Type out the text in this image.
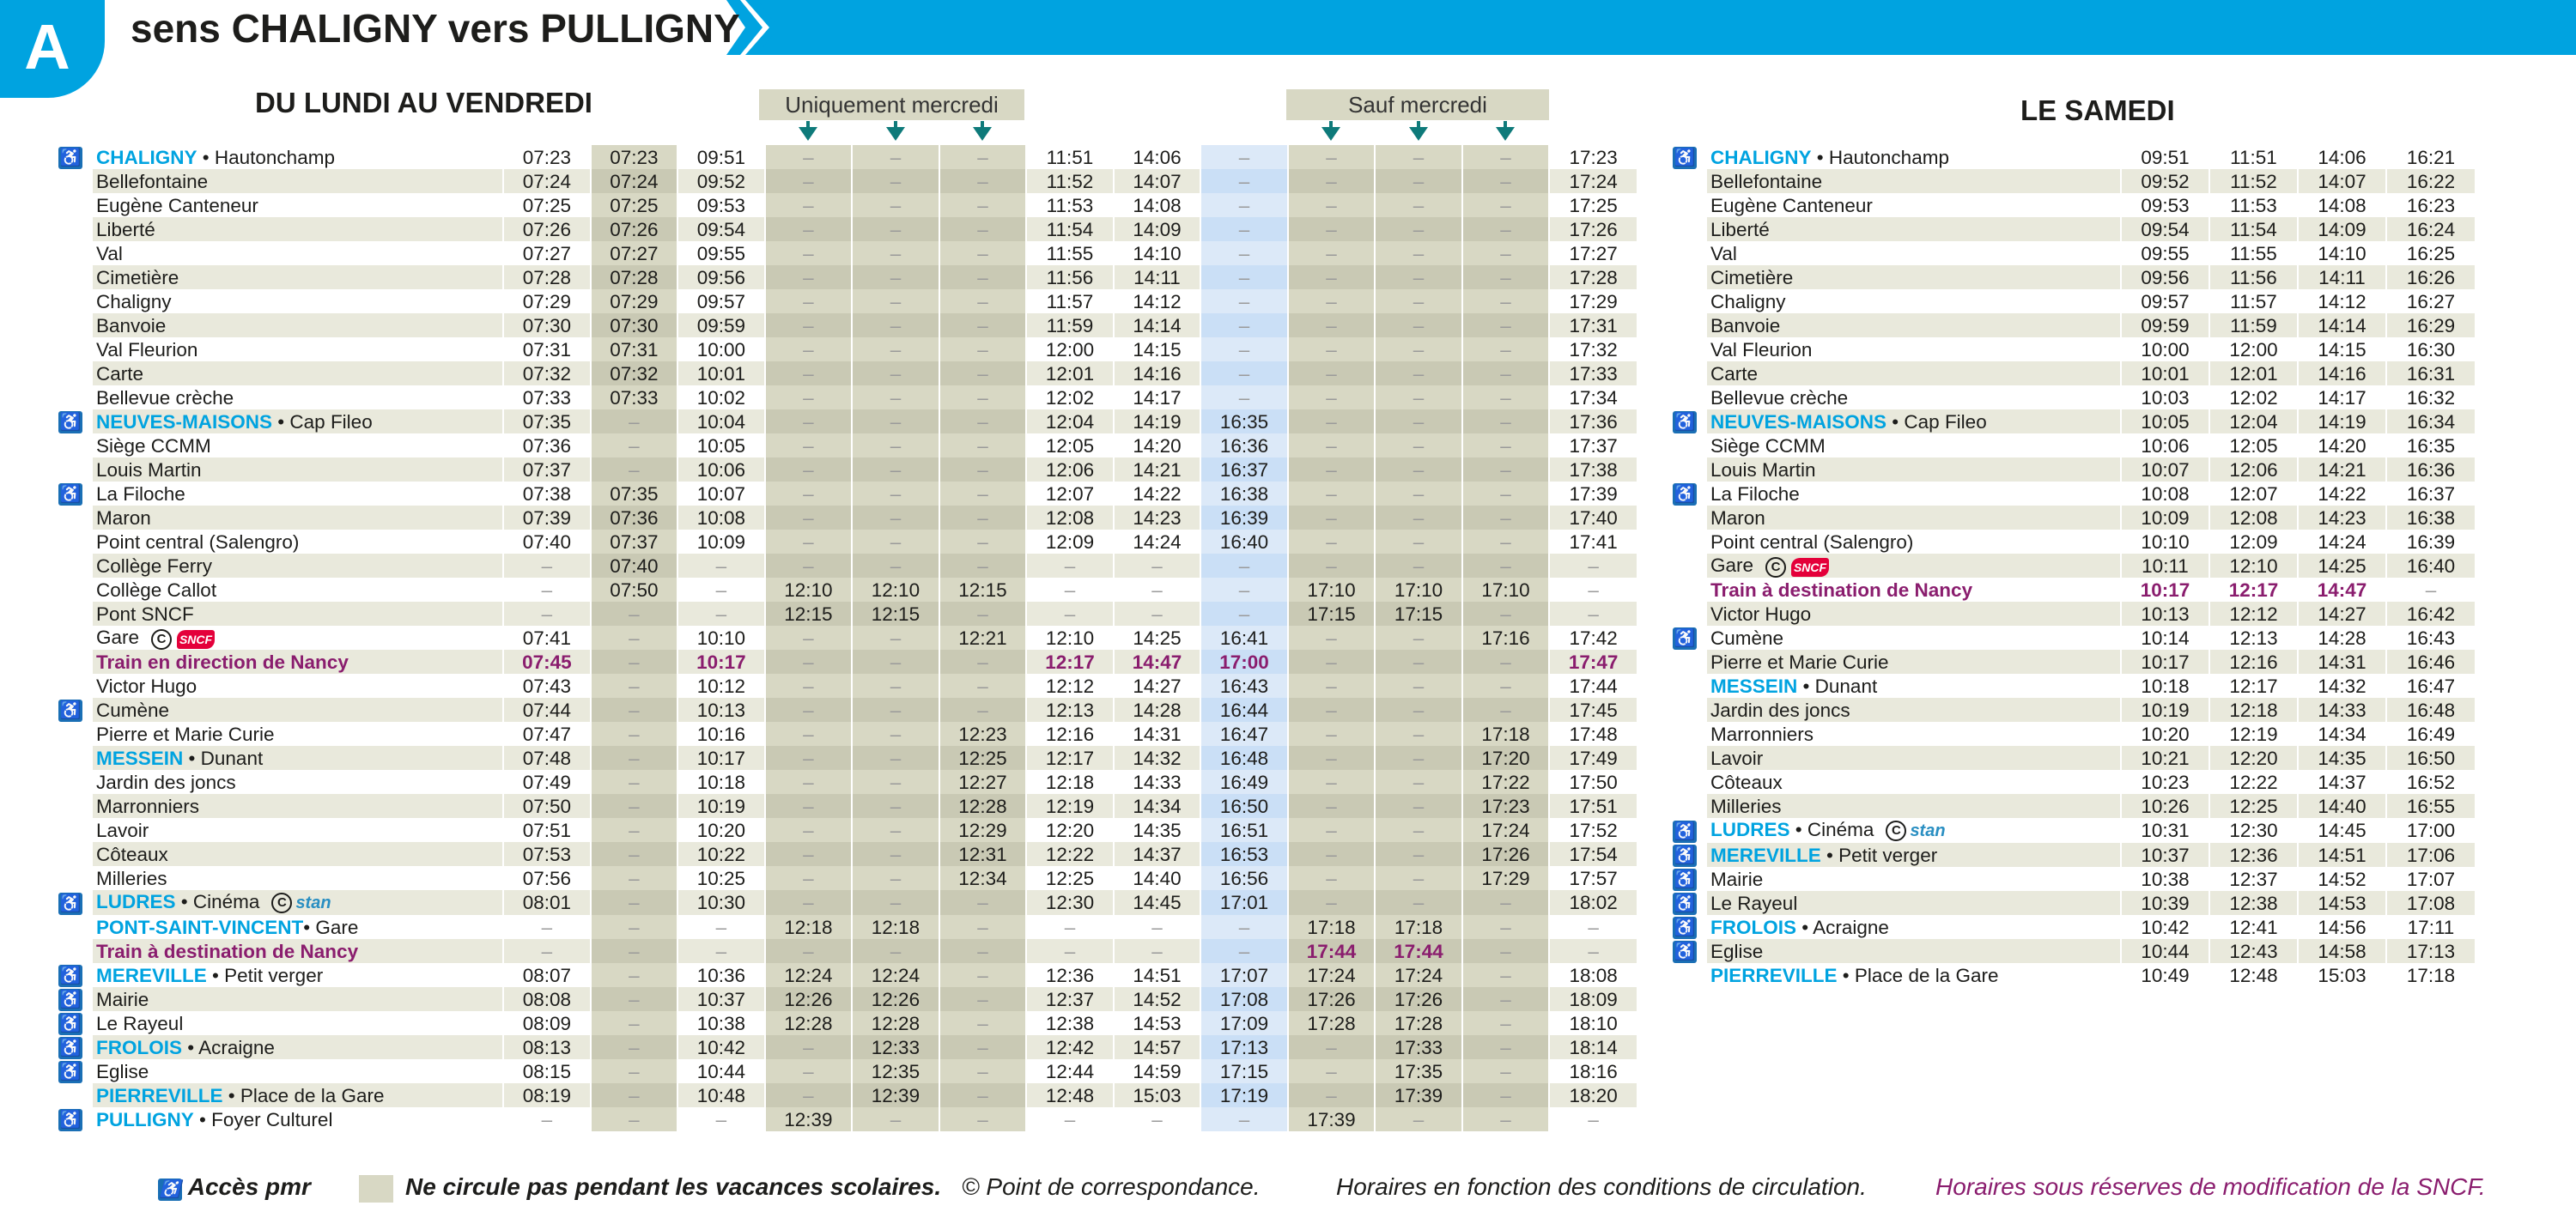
A	sens CHALIGNY vers PULLIGNY
DU LUNDI AU VENDREDI	LE SAMEDI
Uniquement mercredi	Sauf mercredi
♿	CHALIGNY • Hautonchamp	07:23	07:23	09:51	–	–	–	11:51	14:06	–	–	–	–	17:23
	Bellefontaine	07:24	07:24	09:52	–	–	–	11:52	14:07	–	–	–	–	17:24
	Eugène Canteneur	07:25	07:25	09:53	–	–	–	11:53	14:08	–	–	–	–	17:25
	Liberté	07:26	07:26	09:54	–	–	–	11:54	14:09	–	–	–	–	17:26
	Val	07:27	07:27	09:55	–	–	–	11:55	14:10	–	–	–	–	17:27
	Cimetière	07:28	07:28	09:56	–	–	–	11:56	14:11	–	–	–	–	17:28
	Chaligny	07:29	07:29	09:57	–	–	–	11:57	14:12	–	–	–	–	17:29
	Banvoie	07:30	07:30	09:59	–	–	–	11:59	14:14	–	–	–	–	17:31
	Val Fleurion	07:31	07:31	10:00	–	–	–	12:00	14:15	–	–	–	–	17:32
	Carte	07:32	07:32	10:01	–	–	–	12:01	14:16	–	–	–	–	17:33
	Bellevue crèche	07:33	07:33	10:02	–	–	–	12:02	14:17	–	–	–	–	17:34
♿	NEUVES-MAISONS • Cap Fileo	07:35	–	10:04	–	–	–	12:04	14:19	16:35	–	–	–	17:36
	Siège CCMM	07:36	–	10:05	–	–	–	12:05	14:20	16:36	–	–	–	17:37
	Louis Martin	07:37	–	10:06	–	–	–	12:06	14:21	16:37	–	–	–	17:38
♿	La Filoche	07:38	07:35	10:07	–	–	–	12:07	14:22	16:38	–	–	–	17:39
	Maron	07:39	07:36	10:08	–	–	–	12:08	14:23	16:39	–	–	–	17:40
	Point central (Salengro)	07:40	07:37	10:09	–	–	–	12:09	14:24	16:40	–	–	–	17:41
	Collège Ferry	–	07:40	–	–	–	–	–	–	–	–	–	–	–
	Collège Callot	–	07:50	–	12:10	12:10	12:15	–	–	–	17:10	17:10	17:10	–
	Pont SNCF	–	–	–	12:15	12:15	–	–	–	–	17:15	17:15	–	–
	Gare C SNCF	07:41	–	10:10	–	–	12:21	12:10	14:25	16:41	–	–	17:16	17:42
	Train en direction de Nancy	07:45	–	10:17	–	–	–	12:17	14:47	17:00	–	–	–	17:47
	Victor Hugo	07:43	–	10:12	–	–	–	12:12	14:27	16:43	–	–	–	17:44
♿	Cumène	07:44	–	10:13	–	–	–	12:13	14:28	16:44	–	–	–	17:45
	Pierre et Marie Curie	07:47	–	10:16	–	–	12:23	12:16	14:31	16:47	–	–	17:18	17:48
	MESSEIN • Dunant	07:48	–	10:17	–	–	12:25	12:17	14:32	16:48	–	–	17:20	17:49
	Jardin des joncs	07:49	–	10:18	–	–	12:27	12:18	14:33	16:49	–	–	17:22	17:50
	Marronniers	07:50	–	10:19	–	–	12:28	12:19	14:34	16:50	–	–	17:23	17:51
	Lavoir	07:51	–	10:20	–	–	12:29	12:20	14:35	16:51	–	–	17:24	17:52
	Côteaux	07:53	–	10:22	–	–	12:31	12:22	14:37	16:53	–	–	17:26	17:54
	Milleries	07:56	–	10:25	–	–	12:34	12:25	14:40	16:56	–	–	17:29	17:57
♿	LUDRES • Cinéma C stan	08:01	–	10:30	–	–	–	12:30	14:45	17:01	–	–	–	18:02
	PONT-SAINT-VINCENT• Gare	–	–	–	12:18	12:18	–	–	–	–	17:18	17:18	–	–
	Train à destination de Nancy	–	–	–	–	–	–	–	–	–	17:44	17:44	–	–
♿	MEREVILLE • Petit verger	08:07	–	10:36	12:24	12:24	–	12:36	14:51	17:07	17:24	17:24	–	18:08
♿	Mairie	08:08	–	10:37	12:26	12:26	–	12:37	14:52	17:08	17:26	17:26	–	18:09
♿	Le Rayeul	08:09	–	10:38	12:28	12:28	–	12:38	14:53	17:09	17:28	17:28	–	18:10
♿	FROLOIS • Acraigne	08:13	–	10:42	–	12:33	–	12:42	14:57	17:13	–	17:33	–	18:14
♿	Eglise	08:15	–	10:44	–	12:35	–	12:44	14:59	17:15	–	17:35	–	18:16
	PIERREVILLE • Place de la Gare	08:19	–	10:48	–	12:39	–	12:48	15:03	17:19	–	17:39	–	18:20
♿	PULLIGNY • Foyer Culturel	–	–	–	12:39	–	–	–	–	–	17:39	–	–	–
♿	CHALIGNY • Hautonchamp	09:51	11:51	14:06	16:21
	Bellefontaine	09:52	11:52	14:07	16:22
	Eugène Canteneur	09:53	11:53	14:08	16:23
	Liberté	09:54	11:54	14:09	16:24
	Val	09:55	11:55	14:10	16:25
	Cimetière	09:56	11:56	14:11	16:26
	Chaligny	09:57	11:57	14:12	16:27
	Banvoie	09:59	11:59	14:14	16:29
	Val Fleurion	10:00	12:00	14:15	16:30
	Carte	10:01	12:01	14:16	16:31
	Bellevue crèche	10:03	12:02	14:17	16:32
♿	NEUVES-MAISONS • Cap Fileo	10:05	12:04	14:19	16:34
	Siège CCMM	10:06	12:05	14:20	16:35
	Louis Martin	10:07	12:06	14:21	16:36
♿	La Filoche	10:08	12:07	14:22	16:37
	Maron	10:09	12:08	14:23	16:38
	Point central (Salengro)	10:10	12:09	14:24	16:39
	Gare C SNCF	10:11	12:10	14:25	16:40
	Train à destination de Nancy	10:17	12:17	14:47	–
	Victor Hugo	10:13	12:12	14:27	16:42
♿	Cumène	10:14	12:13	14:28	16:43
	Pierre et Marie Curie	10:17	12:16	14:31	16:46
	MESSEIN • Dunant	10:18	12:17	14:32	16:47
	Jardin des joncs	10:19	12:18	14:33	16:48
	Marronniers	10:20	12:19	14:34	16:49
	Lavoir	10:21	12:20	14:35	16:50
	Côteaux	10:23	12:22	14:37	16:52
	Milleries	10:26	12:25	14:40	16:55
♿	LUDRES • Cinéma C stan	10:31	12:30	14:45	17:00
♿	MEREVILLE • Petit verger	10:37	12:36	14:51	17:06
♿	Mairie	10:38	12:37	14:52	17:07
♿	Le Rayeul	10:39	12:38	14:53	17:08
♿	FROLOIS • Acraigne	10:42	12:41	14:56	17:11
♿	Eglise	10:44	12:43	14:58	17:13
	PIERREVILLE • Place de la Gare	10:49	12:48	15:03	17:18
♿ Accès pmr	Ne circule pas pendant les vacances scolaires. © Point de correspondance.	Horaires en fonction des conditions de circulation.	Horaires sous réserves de modification de la SNCF.
